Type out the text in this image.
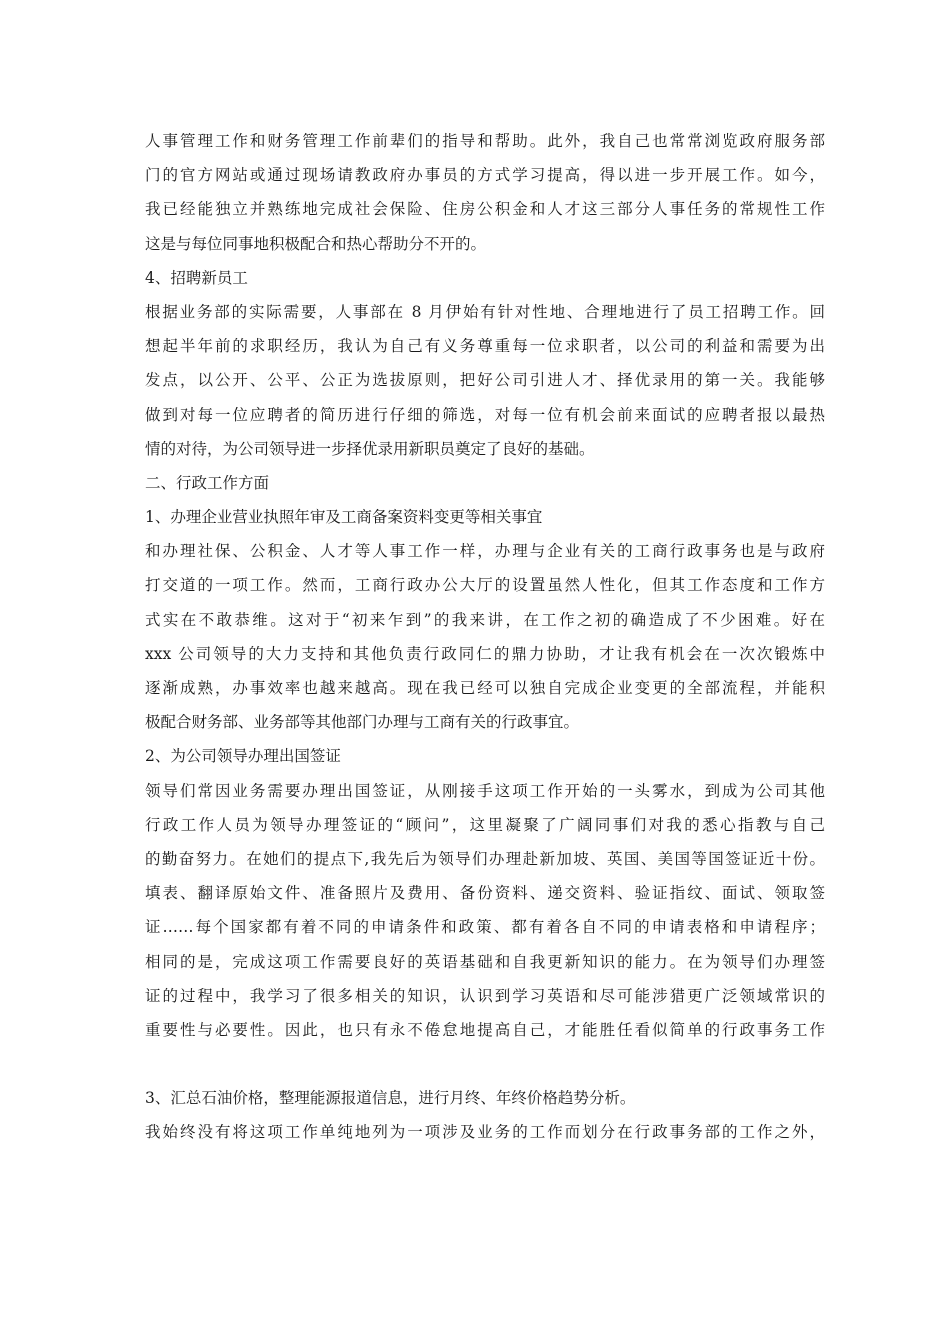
人事管理工作和财务管理工作前辈们的指导和帮助。此外，我自己也常常浏览政府服务部
门的官方网站或通过现场请教政府办事员的方式学习提高，得以进一步开展工作。如今，
我已经能独立并熟练地完成社会保险、住房公积金和人才这三部分人事任务的常规性工作
这是与每位同事地积极配合和热心帮助分不开的。
4、招聘新员工
根据业务部的实际需要，人事部在 8 月伊始有针对性地、合理地进行了员工招聘工作。回
想起半年前的求职经历，我认为自己有义务尊重每一位求职者，以公司的利益和需要为出
发点，以公开、公平、公正为选拔原则，把好公司引进人才、择优录用的第一关。我能够
做到对每一位应聘者的简历进行仔细的筛选，对每一位有机会前来面试的应聘者报以最热
情的对待，为公司领导进一步择优录用新职员奠定了良好的基础。
二、行政工作方面
1、办理企业营业执照年审及工商备案资料变更等相关事宜
和办理社保、公积金、人才等人事工作一样，办理与企业有关的工商行政事务也是与政府
打交道的一项工作。然而，工商行政办公大厅的设置虽然人性化，但其工作态度和工作方
式实在不敢恭维。这对于“初来乍到”的我来讲，在工作之初的确造成了不少困难。好在
xxx 公司领导的大力支持和其他负责行政同仁的鼎力协助，才让我有机会在一次次锻炼中
逐渐成熟，办事效率也越来越高。现在我已经可以独自完成企业变更的全部流程，并能积
极配合财务部、业务部等其他部门办理与工商有关的行政事宜。
2、为公司领导办理出国签证
领导们常因业务需要办理出国签证，从刚接手这项工作开始的一头雾水，到成为公司其他
行政工作人员为领导办理签证的“顾问”，这里凝聚了广阔同事们对我的悉心指教与自己
的勤奋努力。在她们的提点下,我先后为领导们办理赴新加坡、英国、美国等国签证近十份。
填表、翻译原始文件、准备照片及费用、备份资料、递交资料、验证指纹、面试、领取签
证……每个国家都有着不同的申请条件和政策、都有着各自不同的申请表格和申请程序；
相同的是，完成这项工作需要良好的英语基础和自我更新知识的能力。在为领导们办理签
证的过程中，我学习了很多相关的知识，认识到学习英语和尽可能涉猎更广泛领域常识的
重要性与必要性。因此，也只有永不倦怠地提高自己，才能胜任看似简单的行政事务工作
3、汇总石油价格，整理能源报道信息，进行月终、年终价格趋势分析。
我始终没有将这项工作单纯地列为一项涉及业务的工作而划分在行政事务部的工作之外，
